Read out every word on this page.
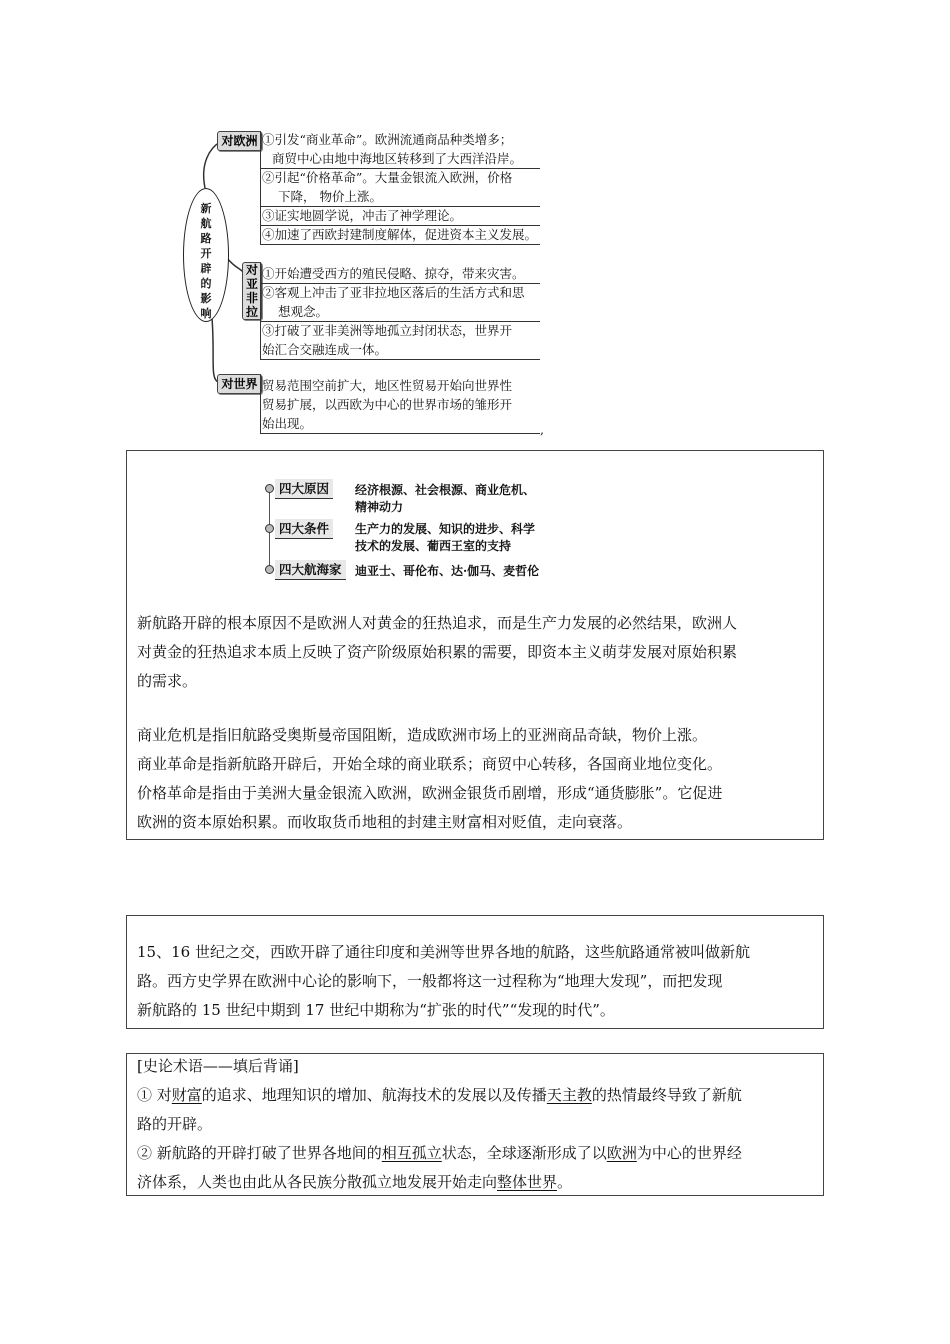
新
航
路
开
辟
的
影
响
对欧洲 ①引发“商业革命”。欧洲流通商品种类增多；
商贸中心由地中海地区转移到了大西洋沿岸。
②引起“价格革命”。大量金银流入欧洲，价格
下降， 物价上涨。
③证实地圆学说，冲击了神学理论。
④加速了西欧封建制度解体，促进资本主义发展。
对
亚
非
拉
①开始遭受西方的殖民侵略、掠夺，带来灾害。
②客观上冲击了亚非拉地区落后的生活方式和思
想观念。
③打破了亚非美洲等地孤立封闭状态，世界开
始汇合交融连成一体。
对世界 贸易范围空前扩大，地区性贸易开始向世界性
贸易扩展，以西欧为中心的世界市场的雏形开
始出现。	,
四大原因	经济根源、社会根源、商业危机、
精神动力
四大条件	生产力的发展、知识的进步、科学
技术的发展、葡西王室的支持
四大航海家	迪亚士、哥伦布、达·伽马、麦哲伦

新航路开辟的根本原因不是欧洲人对黄金的狂热追求，而是生产力发展的必然结果，欧洲人

对黄金的狂热追求本质上反映了资产阶级原始积累的需要，即资本主义萌芽发展对原始积累

的需求。

商业危机是指旧航路受奥斯曼帝国阻断，造成欧洲市场上的亚洲商品奇缺，物价上涨。

商业革命是指新航路开辟后，开始全球的商业联系；商贸中心转移，各国商业地位变化。

价格革命是指由于美洲大量金银流入欧洲，欧洲金银货币剧增，形成“通货膨胀”。它促进

欧洲的资本原始积累。而收取货币地租的封建主财富相对贬值，走向衰落。

15、16 世纪之交，西欧开辟了通往印度和美洲等世界各地的航路，这些航路通常被叫做新航

路。西方史学界在欧洲中心论的影响下，一般都将这一过程称为“地理大发现”，而把发现

新航路的 15 世纪中期到 17 世纪中期称为“扩张的时代”“发现的时代”。

[史论术语——填后背诵]

① 对财富的追求、地理知识的增加、航海技术的发展以及传播天主教的热情最终导致了新航

路的开辟。

② 新航路的开辟打破了世界各地间的相互孤立状态，全球逐渐形成了以欧洲为中心的世界经

济体系，人类也由此从各民族分散孤立地发展开始走向整体世界。
